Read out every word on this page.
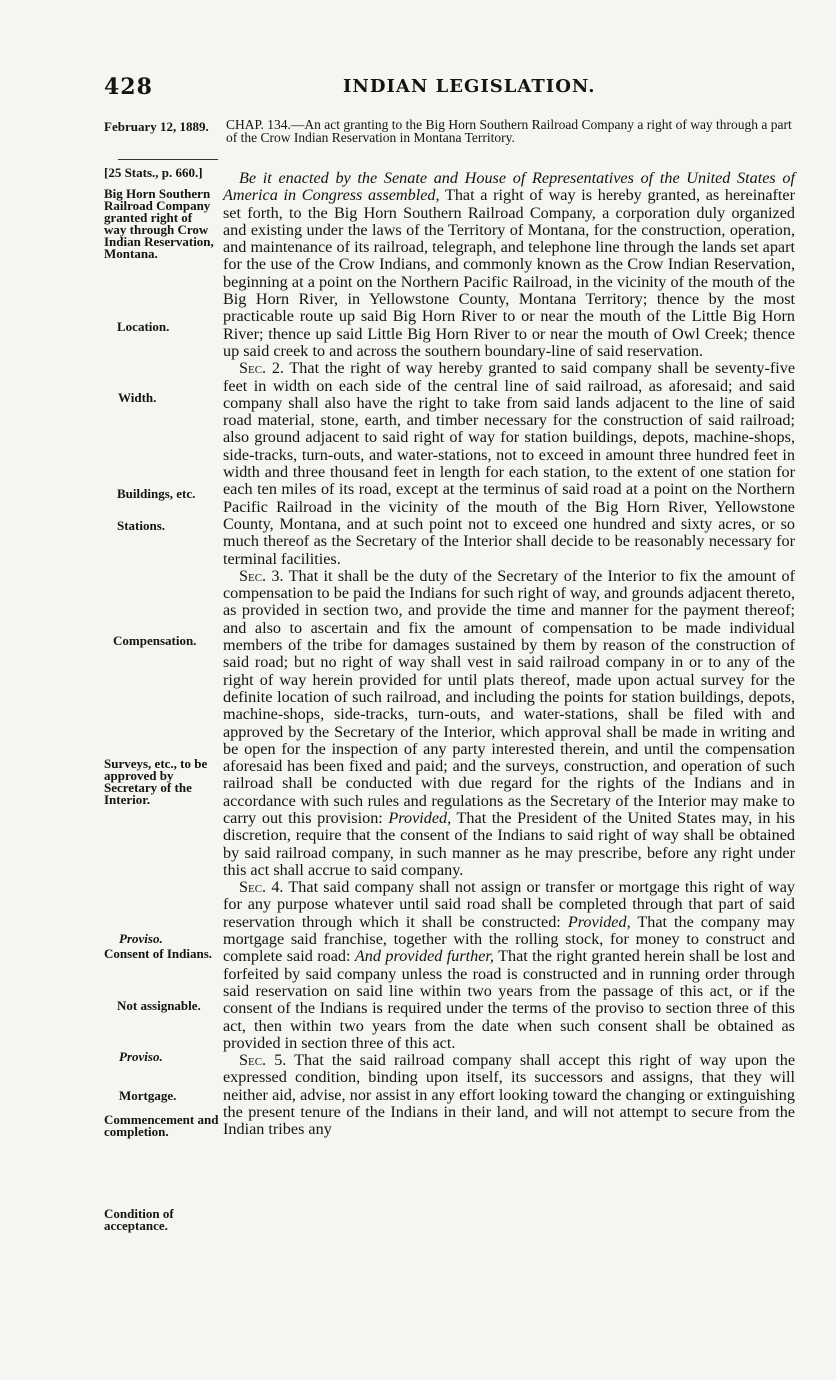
428	INDIAN LEGISLATION.
February 12, 1889.
[25 Stats., p. 660.]
Big Horn Southern Railroad Company granted right of way through Crow Indian Reservation, Montana.
Location.
Width.
Buildings, etc.
Stations.
Compensation.
Surveys, etc., to be approved by Secretary of the Interior.
Proviso.
Consent of Indians.
Not assignable.
Proviso.
Mortgage.
Commencement and completion.
Condition of acceptance.
CHAP. 134.—An act granting to the Big Horn Southern Railroad Company a right of way through a part of the Crow Indian Reservation in Montana Territory.

Be it enacted by the Senate and House of Representatives of the United States of America in Congress assembled, That a right of way is hereby granted, as hereinafter set forth, to the Big Horn Southern Railroad Company, a corporation duly organized and existing under the laws of the Territory of Montana, for the construction, operation, and maintenance of its railroad, telegraph, and telephone line through the lands set apart for the use of the Crow Indians, and commonly known as the Crow Indian Reservation, beginning at a point on the Northern Pacific Railroad, in the vicinity of the mouth of the Big Horn River, in Yellowstone County, Montana Territory; thence by the most practicable route up said Big Horn River to or near the mouth of the Little Big Horn River; thence up said Little Big Horn River to or near the mouth of Owl Creek; thence up said creek to and across the southern boundary-line of said reservation.

Sec. 2. That the right of way hereby granted to said company shall be seventy-five feet in width on each side of the central line of said railroad, as aforesaid; and said company shall also have the right to take from said lands adjacent to the line of said road material, stone, earth, and timber necessary for the construction of said railroad; also ground adjacent to said right of way for station buildings, depots, machine-shops, side-tracks, turn-outs, and water-stations, not to exceed in amount three hundred feet in width and three thousand feet in length for each station, to the extent of one station for each ten miles of its road, except at the terminus of said road at a point on the Northern Pacific Railroad in the vicinity of the mouth of the Big Horn River, Yellowstone County, Montana, and at such point not to exceed one hundred and sixty acres, or so much thereof as the Secretary of the Interior shall decide to be reasonably necessary for terminal facilities.

Sec. 3. That it shall be the duty of the Secretary of the Interior to fix the amount of compensation to be paid the Indians for such right of way, and grounds adjacent thereto, as provided in section two, and provide the time and manner for the payment thereof; and also to ascertain and fix the amount of compensation to be made individual members of the tribe for damages sustained by them by reason of the construction of said road; but no right of way shall vest in said railroad company in or to any of the right of way herein provided for until plats thereof, made upon actual survey for the definite location of such railroad, and including the points for station buildings, depots, machine-shops, side-tracks, turn-outs, and water-stations, shall be filed with and approved by the Secretary of the Interior, which approval shall be made in writing and be open for the inspection of any party interested therein, and until the compensation aforesaid has been fixed and paid; and the surveys, construction, and operation of such railroad shall be conducted with due regard for the rights of the Indians and in accordance with such rules and regulations as the Secretary of the Interior may make to carry out this provision: Provided, That the President of the United States may, in his discretion, require that the consent of the Indians to said right of way shall be obtained by said railroad company, in such manner as he may prescribe, before any right under this act shall accrue to said company.

Sec. 4. That said company shall not assign or transfer or mortgage this right of way for any purpose whatever until said road shall be completed through that part of said reservation through which it shall be constructed: Provided, That the company may mortgage said franchise, together with the rolling stock, for money to construct and complete said road: And provided further, That the right granted herein shall be lost and forfeited by said company unless the road is constructed and in running order through said reservation on said line within two years from the passage of this act, or if the consent of the Indians is required under the terms of the proviso to section three of this act, then within two years from the date when such consent shall be obtained as provided in section three of this act.

Sec. 5. That the said railroad company shall accept this right of way upon the expressed condition, binding upon itself, its successors and assigns, that they will neither aid, advise, nor assist in any effort looking toward the changing or extinguishing the present tenure of the Indians in their land, and will not attempt to secure from the Indian tribes any
